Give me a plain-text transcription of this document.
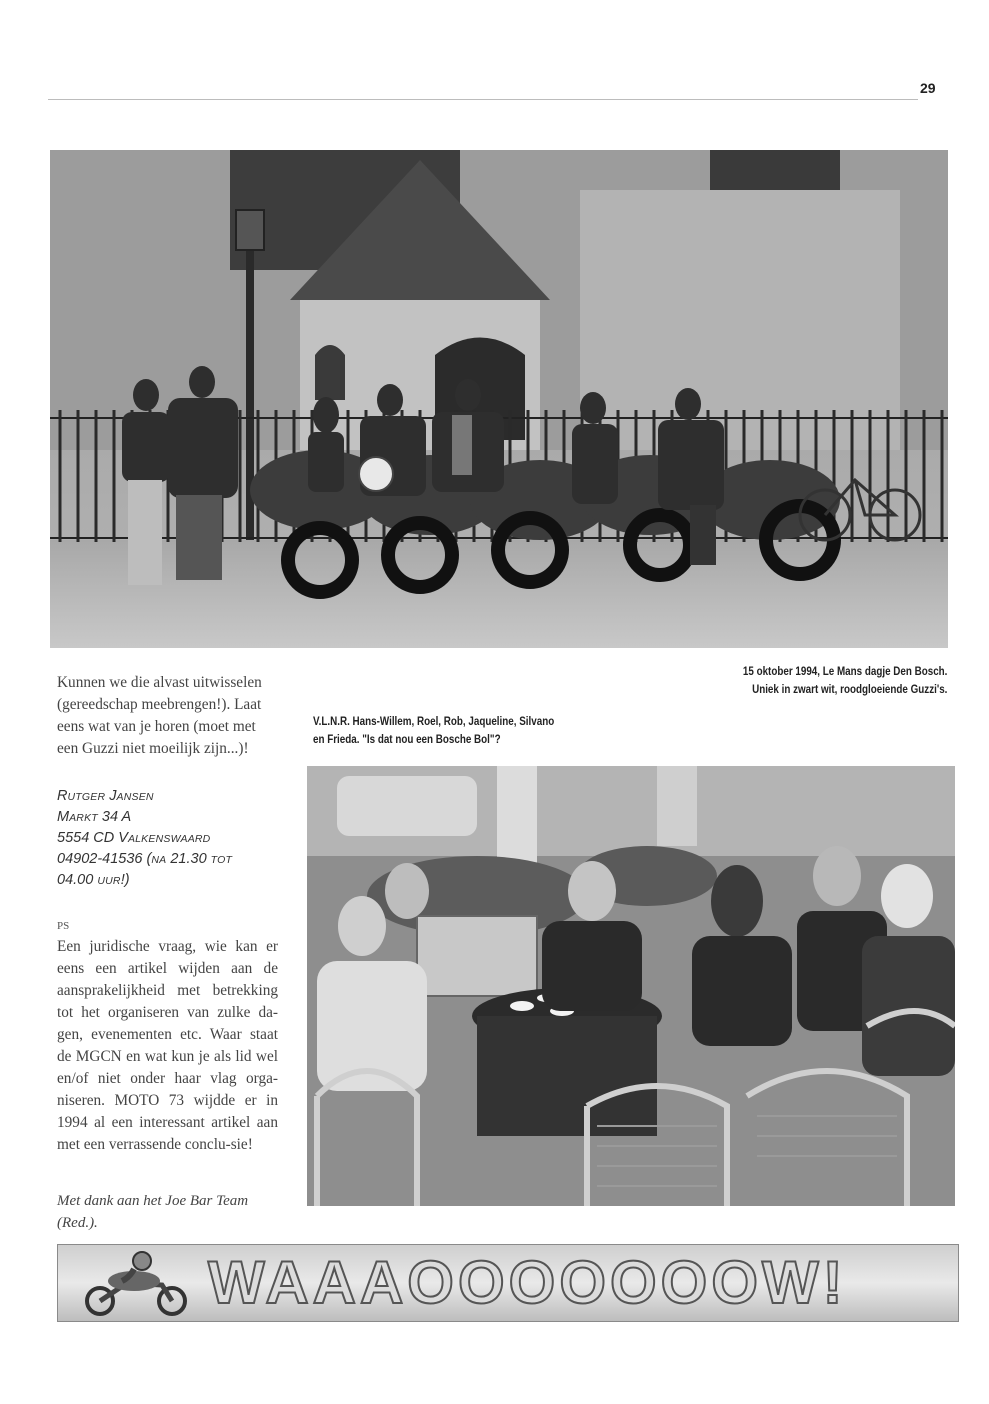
29
Kunnen we die alvast uitwisselen (gereedschap meebrengen!). Laat eens wat van je horen (moet met een Guzzi niet moeilijk zijn...)!
RUTGER JANSEN
MARKT 34 A
5554 CD VALKENSWAARD
04902-41536 (NA 21.30 TOT
04.00 UUR!)
PS
Een juridische vraag, wie kan er eens een artikel wijden aan de aansprakelijkheid met betrekking tot het organiseren van zulke da-gen, evenementen etc. Waar staat de MGCN en wat kun je als lid wel en/of niet onder haar vlag orga-niseren. MOTO 73 wijdde er in 1994 al een interessant artikel aan met een verrassende conclu-sie!
Met dank aan het Joe Bar Team (Red.).
V.L.N.R. Hans-Willem, Roel, Rob, Jaqueline, Silvano
en Frieda. "Is dat nou een Bosche Bol"?
15 oktober 1994, Le Mans dagje Den Bosch.
Uniek in zwart wit, roodgloeiende Guzzi's.
WAAAOOOOOOOW!
